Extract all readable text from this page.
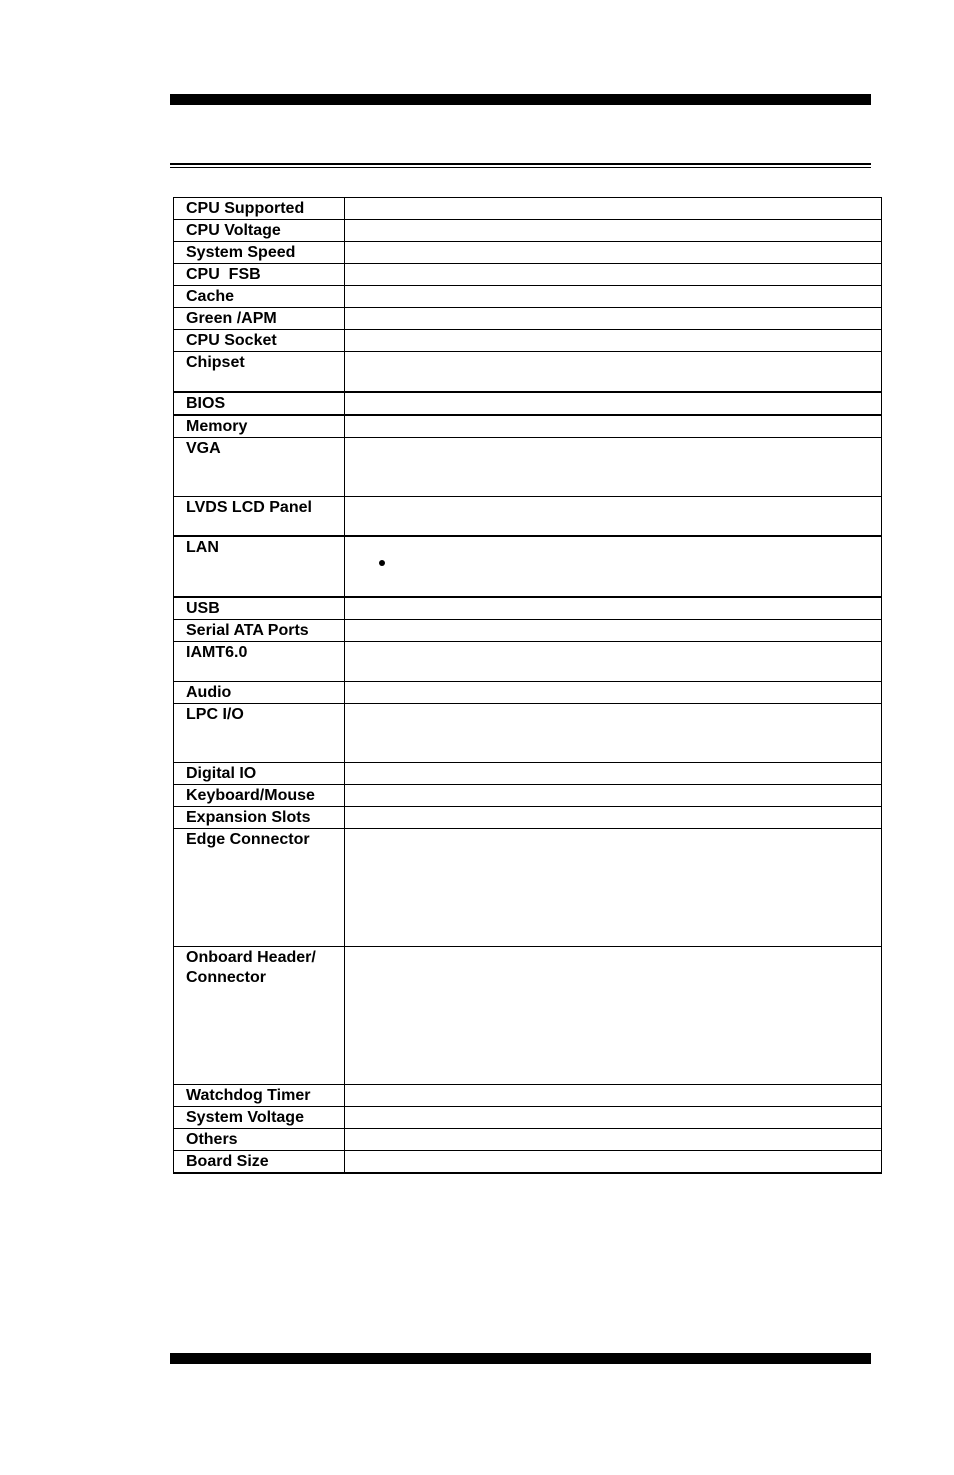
CPU Supported	
CPU Voltage	
System Speed	
CPU  FSB	
Cache	
Green /APM	
CPU Socket	
Chipset	
BIOS	
Memory	
VGA	
LVDS LCD Panel	
LAN	

USB	
Serial ATA Ports	
IAMT6.0	
Audio	
LPC I/O	
Digital IO	
Keyboard/Mouse	
Expansion Slots	
Edge Connector	
Onboard Header/ Connector	
Watchdog Timer	
System Voltage	
Others	
Board Size	
